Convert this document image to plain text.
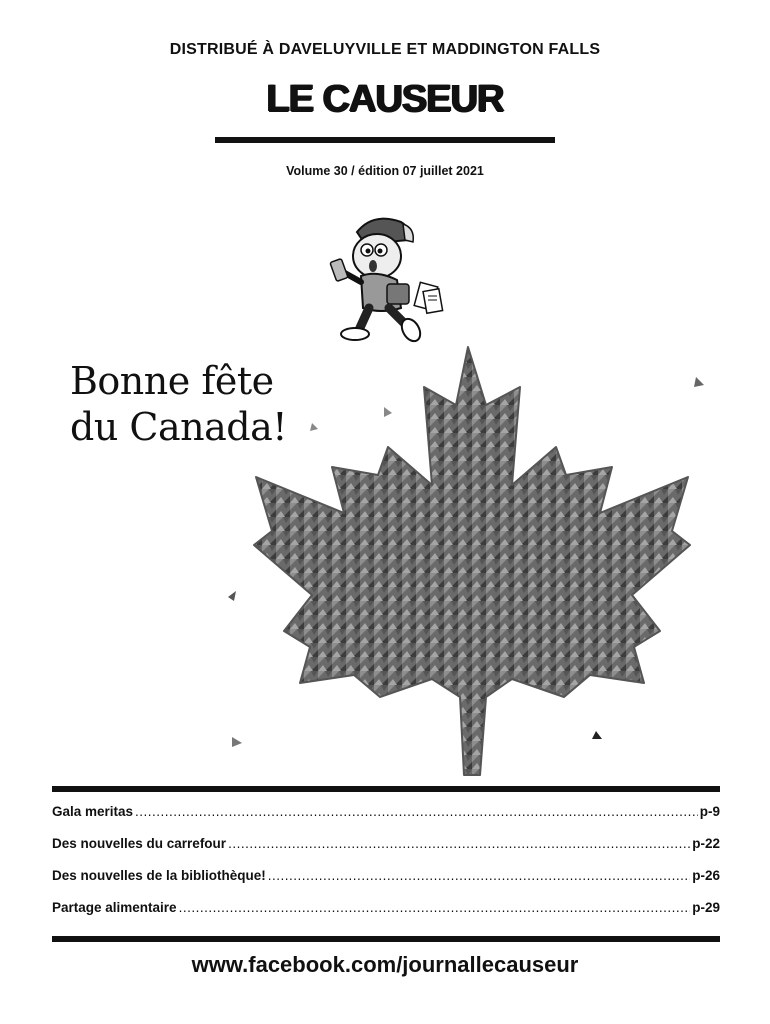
DISTRIBUÉ À DAVELUYVILLE ET MADDINGTON FALLS
LE CAUSEUR
Volume 30 / édition 07 juillet 2021
Bonne fête
du Canada!
Gala meritas .....	p-9
Des nouvelles du carrefour .....	p-22
Des nouvelles de la bibliothèque! .....	p-26
Partage alimentaire .....	p-29
www.facebook.com/journallecauseur
